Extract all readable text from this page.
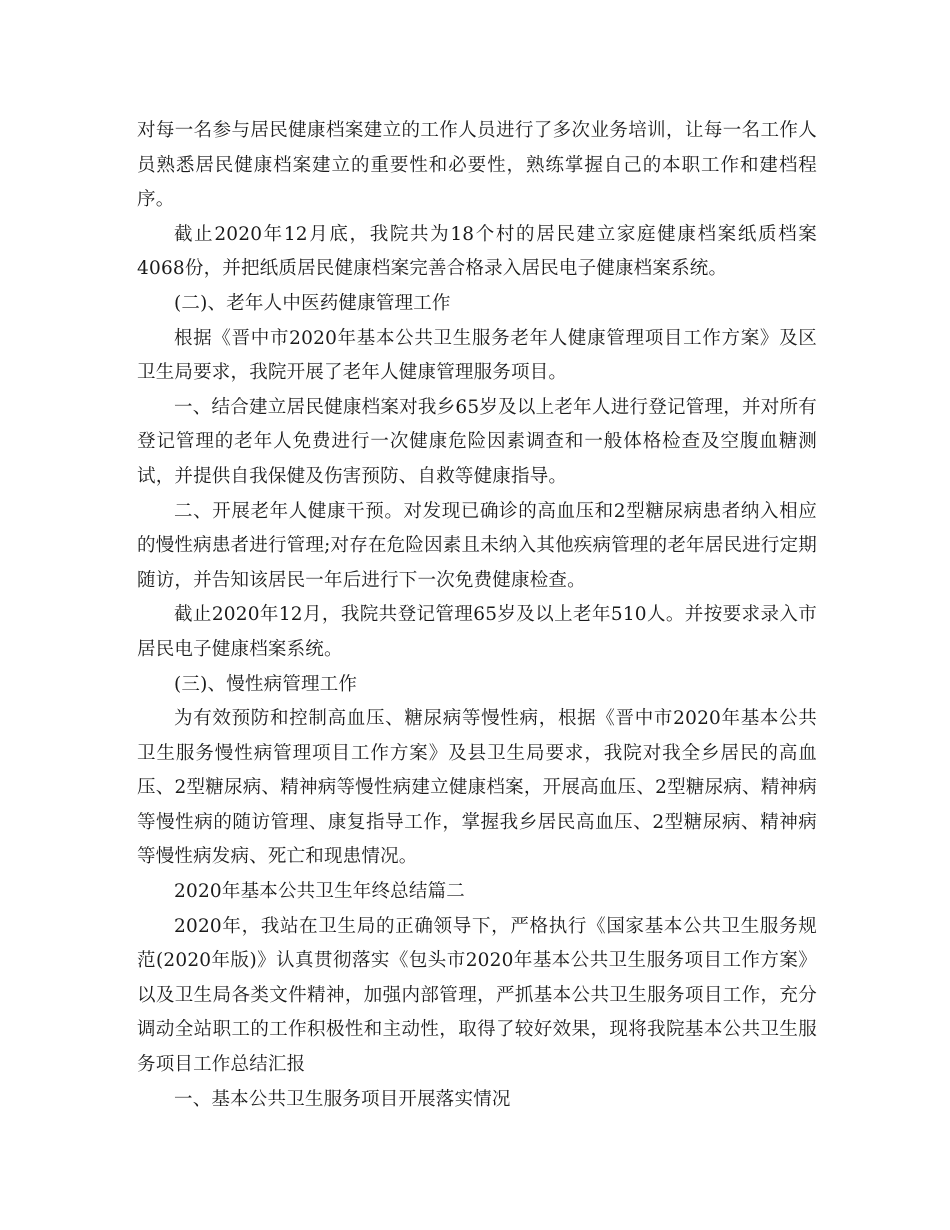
对每一名参与居民健康档案建立的工作人员进行了多次业务培训，让每一名工作人员熟悉居民健康档案建立的重要性和必要性，熟练掌握自己的本职工作和建档程序。

截止2020年12月底，我院共为18个村的居民建立家庭健康档案纸质档案4068份，并把纸质居民健康档案完善合格录入居民电子健康档案系统。

(二)、老年人中医药健康管理工作

根据《晋中市2020年基本公共卫生服务老年人健康管理项目工作方案》及区卫生局要求，我院开展了老年人健康管理服务项目。

一、结合建立居民健康档案对我乡65岁及以上老年人进行登记管理，并对所有登记管理的老年人免费进行一次健康危险因素调查和一般体格检查及空腹血糖测试，并提供自我保健及伤害预防、自救等健康指导。

二、开展老年人健康干预。对发现已确诊的高血压和2型糖尿病患者纳入相应的慢性病患者进行管理;对存在危险因素且未纳入其他疾病管理的老年居民进行定期随访，并告知该居民一年后进行下一次免费健康检查。

截止2020年12月，我院共登记管理65岁及以上老年510人。并按要求录入市居民电子健康档案系统。

(三)、慢性病管理工作

为有效预防和控制高血压、糖尿病等慢性病，根据《晋中市2020年基本公共卫生服务慢性病管理项目工作方案》及县卫生局要求，我院对我全乡居民的高血压、2型糖尿病、精神病等慢性病建立健康档案，开展高血压、2型糖尿病、精神病等慢性病的随访管理、康复指导工作，掌握我乡居民高血压、2型糖尿病、精神病等慢性病发病、死亡和现患情况。

2020年基本公共卫生年终总结篇二

2020年，我站在卫生局的正确领导下，严格执行《国家基本公共卫生服务规范(2020年版)》认真贯彻落实《包头市2020年基本公共卫生服务项目工作方案》以及卫生局各类文件精神，加强内部管理，严抓基本公共卫生服务项目工作，充分调动全站职工的工作积极性和主动性，取得了较好效果，现将我院基本公共卫生服务项目工作总结汇报

一、基本公共卫生服务项目开展落实情况
